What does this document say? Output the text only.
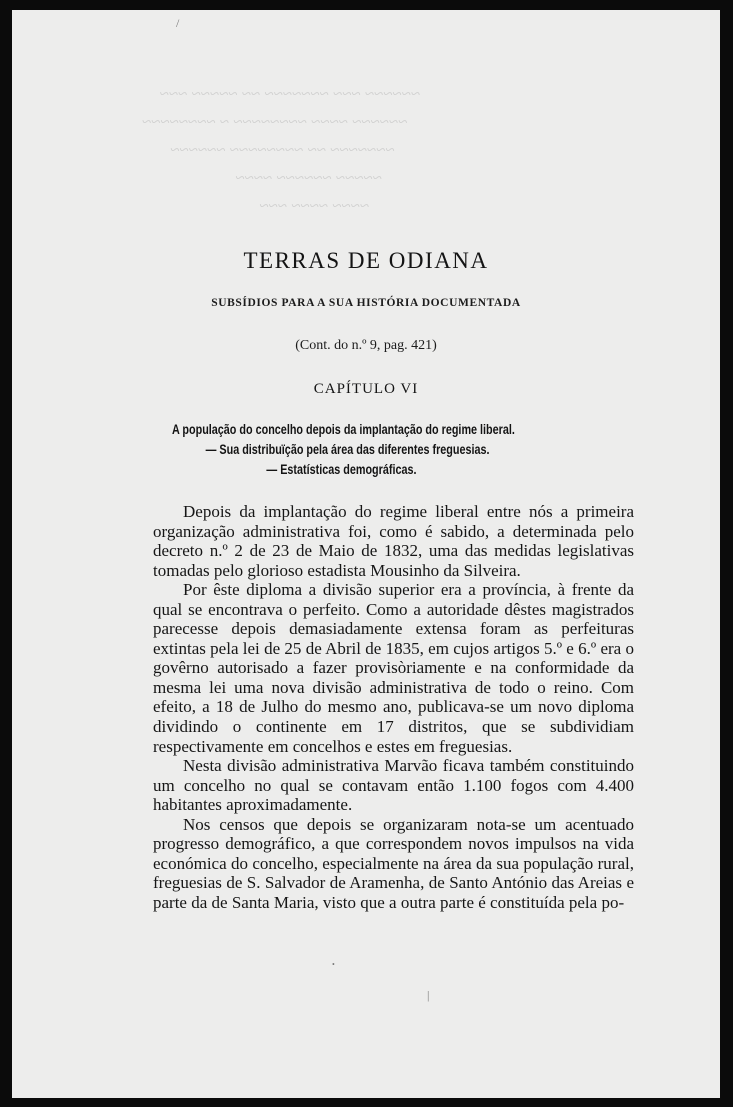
~~~~~~ ~~~ ~~~~~~~ ~~ ~~~~~ ~~~
~~~~~~ ~~~~ ~~~~~~~~ ~ ~~~~~~~~
~~~~~~~ ~~ ~~~~~~~~ ~~~~~~
~~~~~ ~~~~~~ ~~~~
~~~~ ~~~~ ~~~
TERRAS DE ODIANA
SUBSÍDIOS PARA A SUA HISTÓRIA DOCUMENTADA
(Cont. do n.º 9, pag. 421)
CAPÍTULO VI
A população do concelho depois da implantação do regime liberal.
— Sua distribuïção pela área das diferentes freguesias.
— Estatísticas demográficas.

Depois da implantação do regime liberal entre nós a primeira organização administrativa foi, como é sabido, a determinada pelo decreto n.º 2 de 23 de Maio de 1832, uma das medidas legislativas tomadas pelo glorioso estadista Mousinho da Silveira.

Por êste diploma a divisão superior era a província, à frente da qual se encontrava o perfeito. Como a autoridade dêstes magistrados parecesse depois demasiadamente extensa foram as perfeituras extintas pela lei de 25 de Abril de 1835, em cujos artigos 5.º e 6.º era o govêrno autorisado a fazer provisòriamente e na conformidade da mesma lei uma nova divisão administrativa de todo o reino. Com efeito, a 18 de Julho do mesmo ano, publicava-se um novo diploma dividindo o continente em 17 distritos, que se subdividiam respectivamente em concelhos e estes em freguesias.

Nesta divisão administrativa Marvão ficava também constituindo um concelho no qual se contavam então 1.100 fogos com 4.400 habitantes aproximadamente.

Nos censos que depois se organizaram nota-se um acentuado progresso demográfico, a que correspondem novos impulsos na vida económica do concelho, especialmente na área da sua população rural, freguesias de S. Salvador de Aramenha, de Santo António das Areias e parte da de Santa Maria, visto que a outra parte é constituída pela po-

/
•
|
